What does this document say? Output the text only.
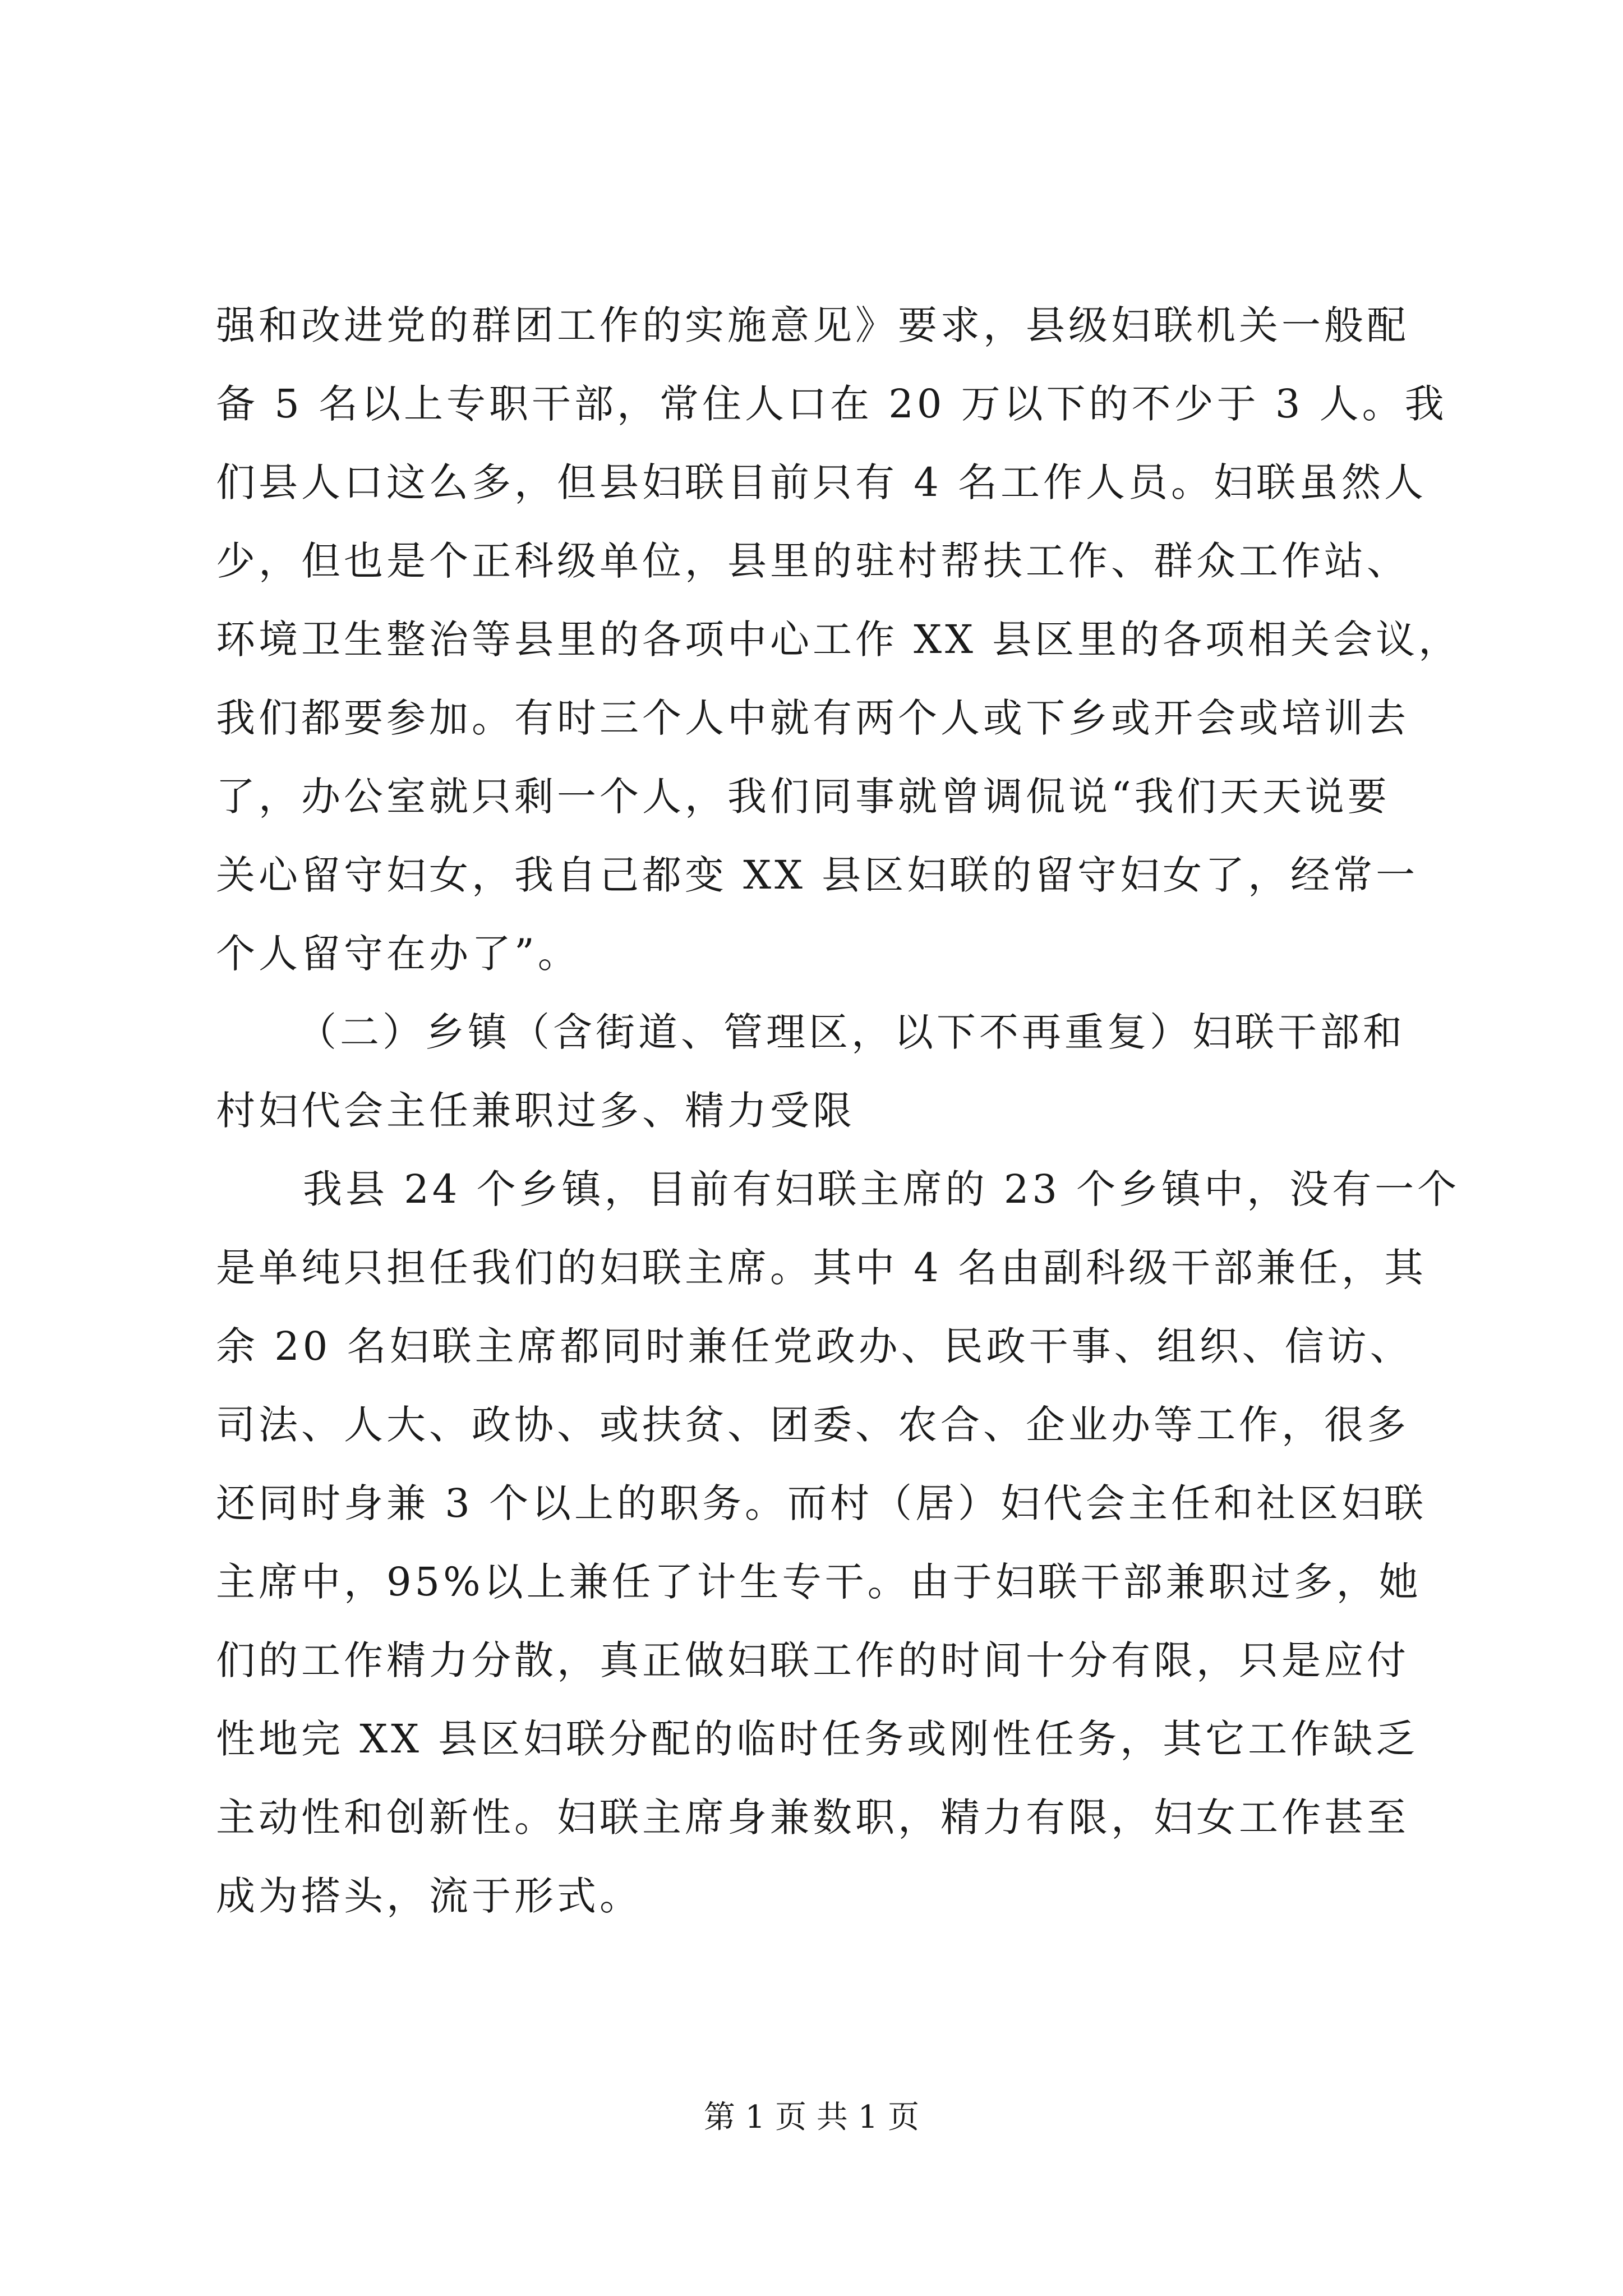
强和改进党的群团工作的实施意见》要求，县级妇联机关一般配
备 5 名以上专职干部，常住人口在 20 万以下的不少于 3 人。我
们县人口这么多，但县妇联目前只有 4 名工作人员。妇联虽然人
少，但也是个正科级单位，县里的驻村帮扶工作、群众工作站、
环境卫生整治等县里的各项中心工作 XX 县区里的各项相关会议，
我们都要参加。有时三个人中就有两个人或下乡或开会或培训去
了，办公室就只剩一个人，我们同事就曾调侃说“我们天天说要
关心留守妇女，我自己都变 XX 县区妇联的留守妇女了，经常一
个人留守在办了”。
（二）乡镇（含街道、管理区，以下不再重复）妇联干部和
村妇代会主任兼职过多、精力受限
我县 24 个乡镇，目前有妇联主席的 23 个乡镇中，没有一个
是单纯只担任我们的妇联主席。其中 4 名由副科级干部兼任，其
余 20 名妇联主席都同时兼任党政办、民政干事、组织、信访、
司法、人大、政协、或扶贫、团委、农合、企业办等工作，很多
还同时身兼 3 个以上的职务。而村（居）妇代会主任和社区妇联
主席中，95%以上兼任了计生专干。由于妇联干部兼职过多，她
们的工作精力分散，真正做妇联工作的时间十分有限，只是应付
性地完 XX 县区妇联分配的临时任务或刚性任务，其它工作缺乏
主动性和创新性。妇联主席身兼数职，精力有限，妇女工作甚至
成为搭头，流于形式。
第 1 页 共 1 页
